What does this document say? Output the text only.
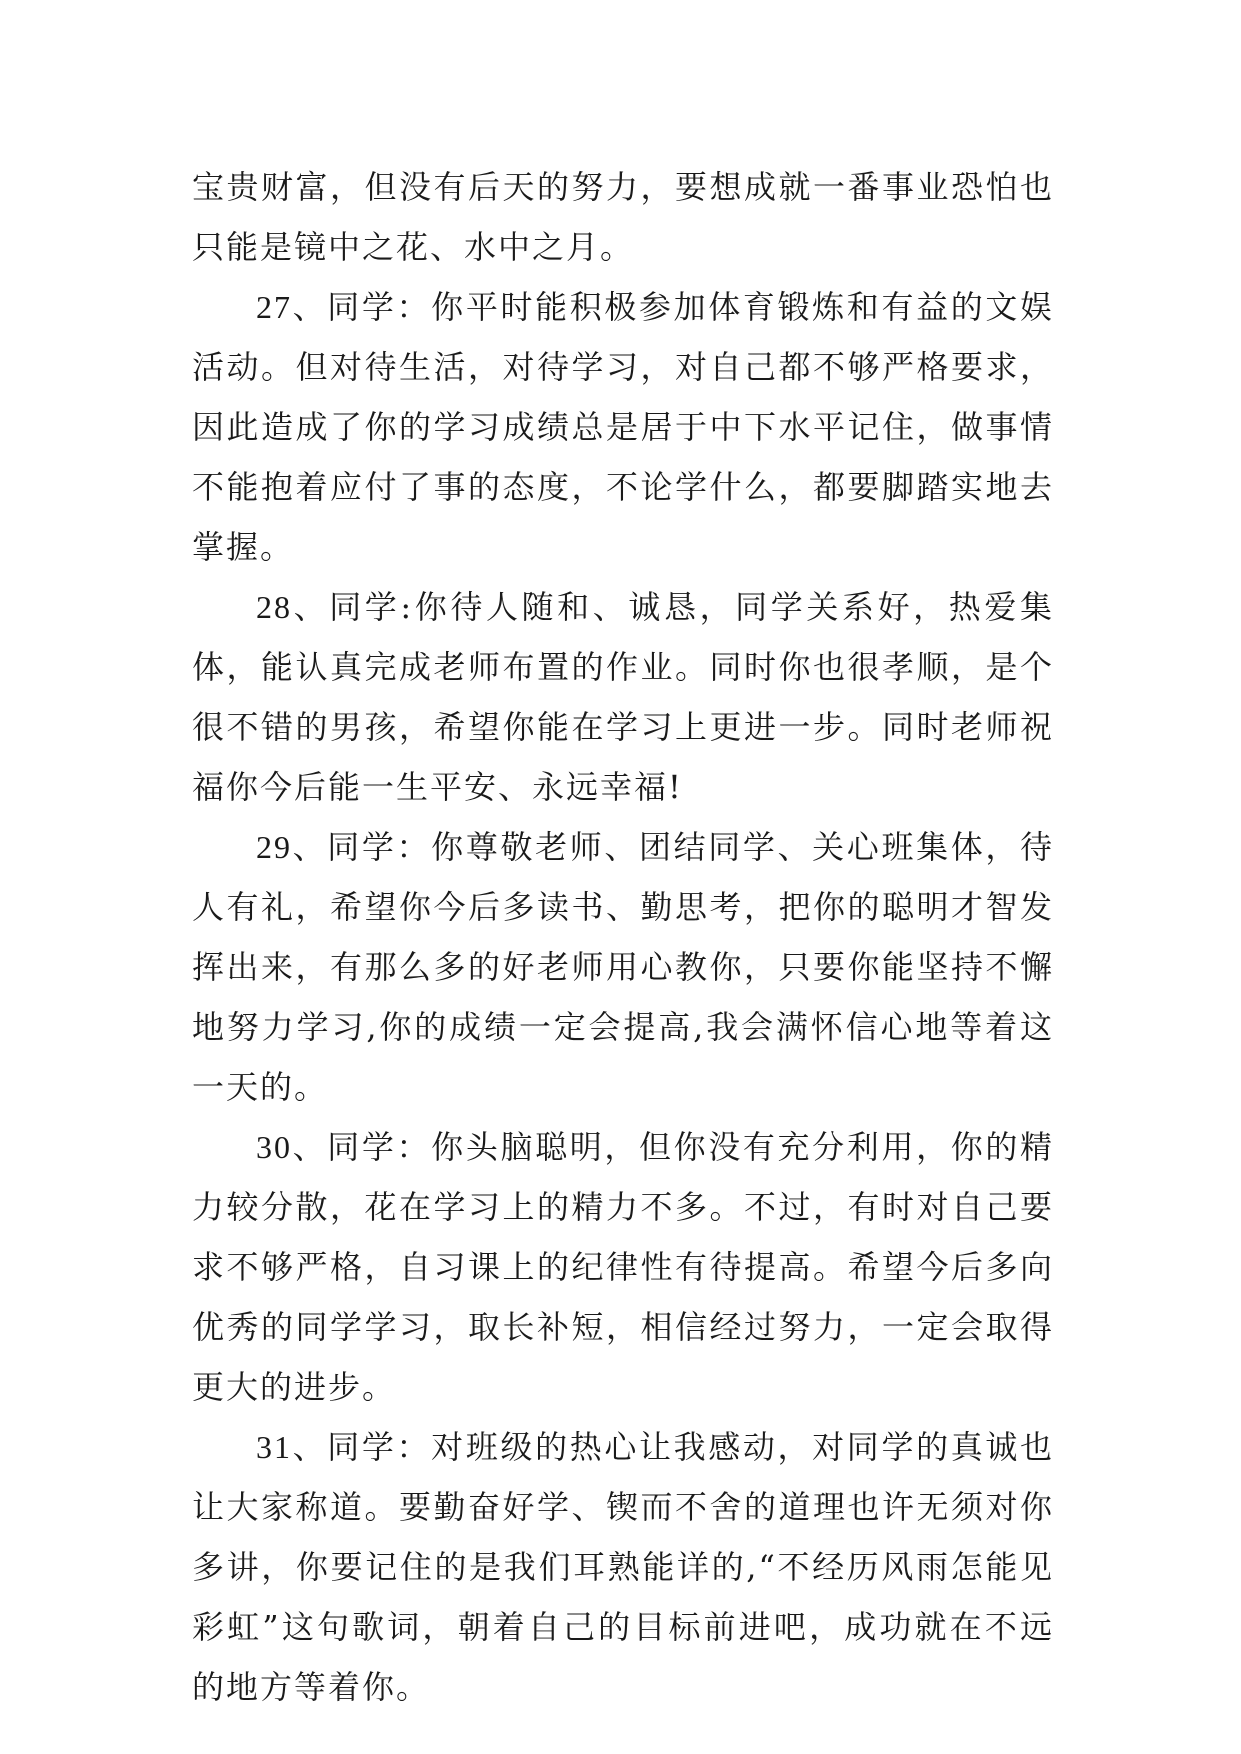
宝贵财富，但没有后天的努力，要想成就一番事业恐怕也只能是镜中之花、水中之月。

27、同学：你平时能积极参加体育锻炼和有益的文娱活动。但对待生活，对待学习，对自己都不够严格要求，因此造成了你的学习成绩总是居于中下水平记住，做事情不能抱着应付了事的态度，不论学什么，都要脚踏实地去掌握。

28、同学:你待人随和、诚恳，同学关系好，热爱集体，能认真完成老师布置的作业。同时你也很孝顺，是个很不错的男孩，希望你能在学习上更进一步。同时老师祝福你今后能一生平安、永远幸福!

29、同学：你尊敬老师、团结同学、关心班集体，待人有礼，希望你今后多读书、勤思考，把你的聪明才智发挥出来，有那么多的好老师用心教你，只要你能坚持不懈地努力学习,你的成绩一定会提高,我会满怀信心地等着这一天的。

30、同学：你头脑聪明，但你没有充分利用，你的精力较分散，花在学习上的精力不多。不过，有时对自己要求不够严格，自习课上的纪律性有待提高。希望今后多向优秀的同学学习，取长补短，相信经过努力，一定会取得更大的进步。

31、同学：对班级的热心让我感动，对同学的真诚也让大家称道。要勤奋好学、锲而不舍的道理也许无须对你多讲，你要记住的是我们耳熟能详的,“不经历风雨怎能见彩虹”这句歌词，朝着自己的目标前进吧，成功就在不远的地方等着你。
